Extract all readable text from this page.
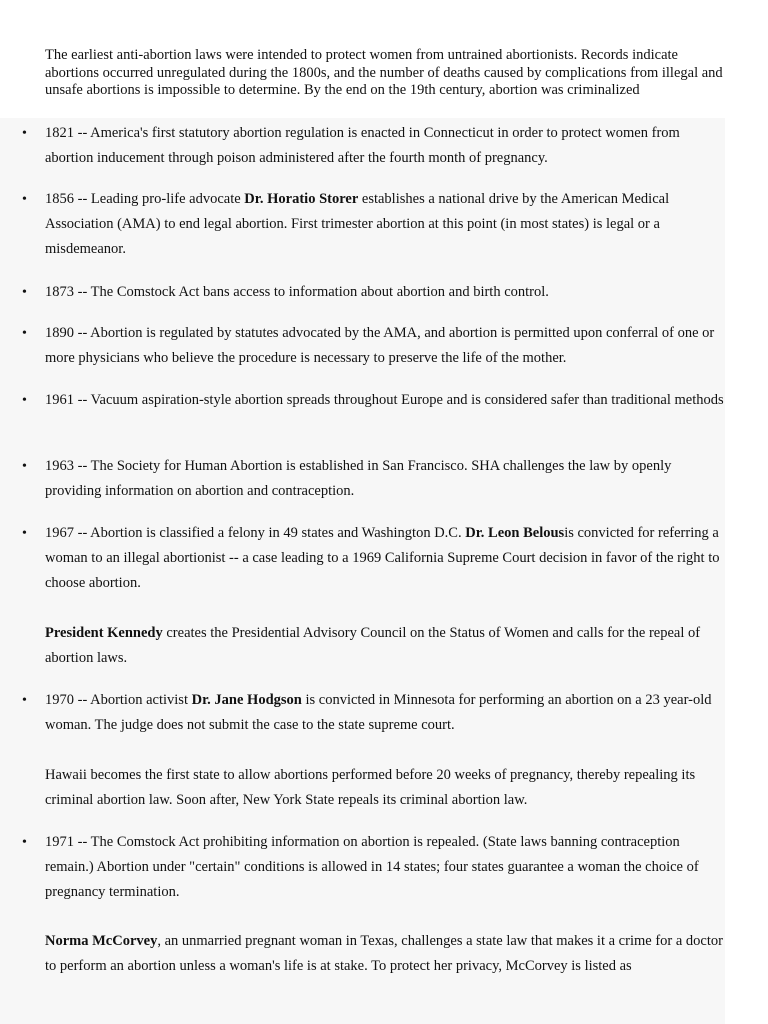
The earliest anti-abortion laws were intended to protect women from untrained abortionists. Records indicate abortions occurred unregulated during the 1800s, and the number of deaths caused by complications from illegal and unsafe abortions is impossible to determine. By the end on the 19th century, abortion was criminalized

• 1821 -- America's first statutory abortion regulation is enacted in Connecticut in order to protect women from abortion inducement through poison administered after the fourth month of pregnancy.

• 1856 -- Leading pro-life advocate Dr. Horatio Storer establishes a national drive by the American Medical Association (AMA) to end legal abortion. First trimester abortion at this point (in most states) is legal or a misdemeanor.

• 1873 -- The Comstock Act bans access to information about abortion and birth control.

• 1890 -- Abortion is regulated by statutes advocated by the AMA, and abortion is permitted upon conferral of one or more physicians who believe the procedure is necessary to preserve the life of the mother.

• 1961 -- Vacuum aspiration-style abortion spreads throughout Europe and is considered safer than traditional methods

• 1963 -- The Society for Human Abortion is established in San Francisco. SHA challenges the law by openly providing information on abortion and contraception.

• 1967 -- Abortion is classified a felony in 49 states and Washington D.C. Dr. Leon Belousis convicted for referring a woman to an illegal abortionist -- a case leading to a 1969 California Supreme Court decision in favor of the right to choose abortion.

President Kennedy creates the Presidential Advisory Council on the Status of Women and calls for the repeal of abortion laws.

• 1970 -- Abortion activist Dr. Jane Hodgson is convicted in Minnesota for performing an abortion on a 23 year-old woman. The judge does not submit the case to the state supreme court.

Hawaii becomes the first state to allow abortions performed before 20 weeks of pregnancy, thereby repealing its criminal abortion law. Soon after, New York State repeals its criminal abortion law.

• 1971 -- The Comstock Act prohibiting information on abortion is repealed. (State laws banning contraception remain.) Abortion under "certain" conditions is allowed in 14 states; four states guarantee a woman the choice of pregnancy termination.

Norma McCorvey, an unmarried pregnant woman in Texas, challenges a state law that makes it a crime for a doctor to perform an abortion unless a woman's life is at stake. To protect her privacy, McCorvey is listed as
